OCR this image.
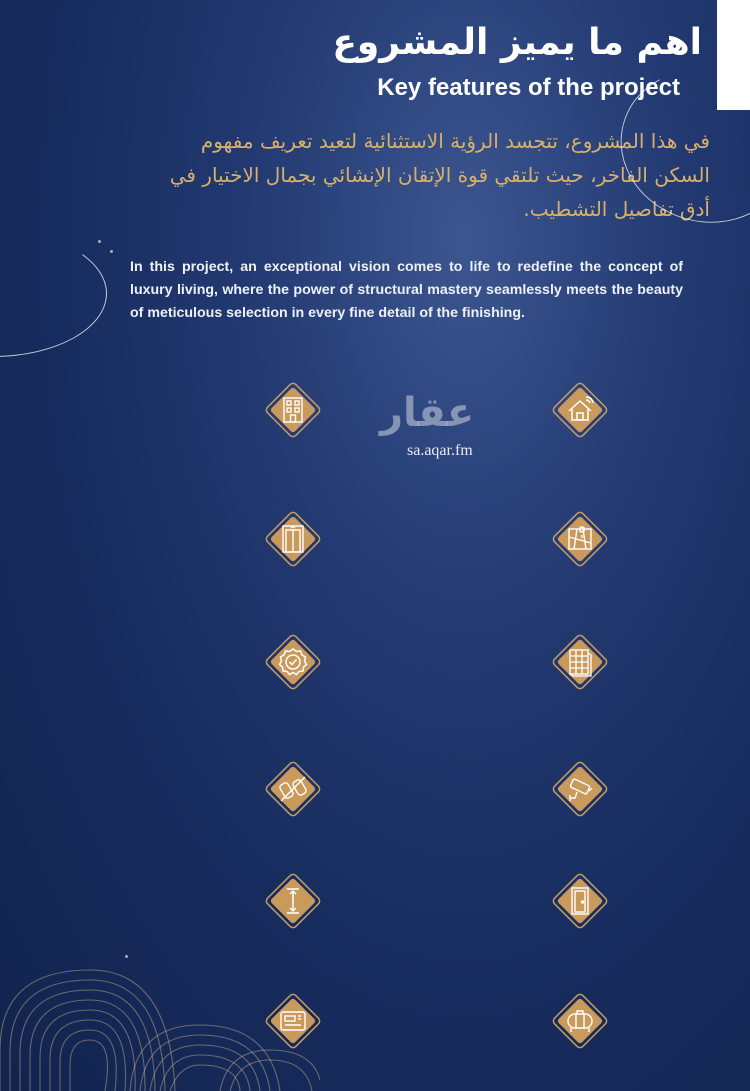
اهم ما يميز المشروع
Key features of the project
في هذا المشروع، تتجسد الرؤية الاستثنائية لتعيد تعريف مفهوم
السكن الفاخر، حيث تلتقي قوة الإتقان الإنشائي بجمال الاختيار في
أدق تفاصيل التشطيب.
In this project, an exceptional vision comes to life to redefine the concept of luxury living, where the power of structural mastery seamlessly meets the beauty of meticulous selection in every fine detail of the finishing.
عقار
sa.aqar.fm
